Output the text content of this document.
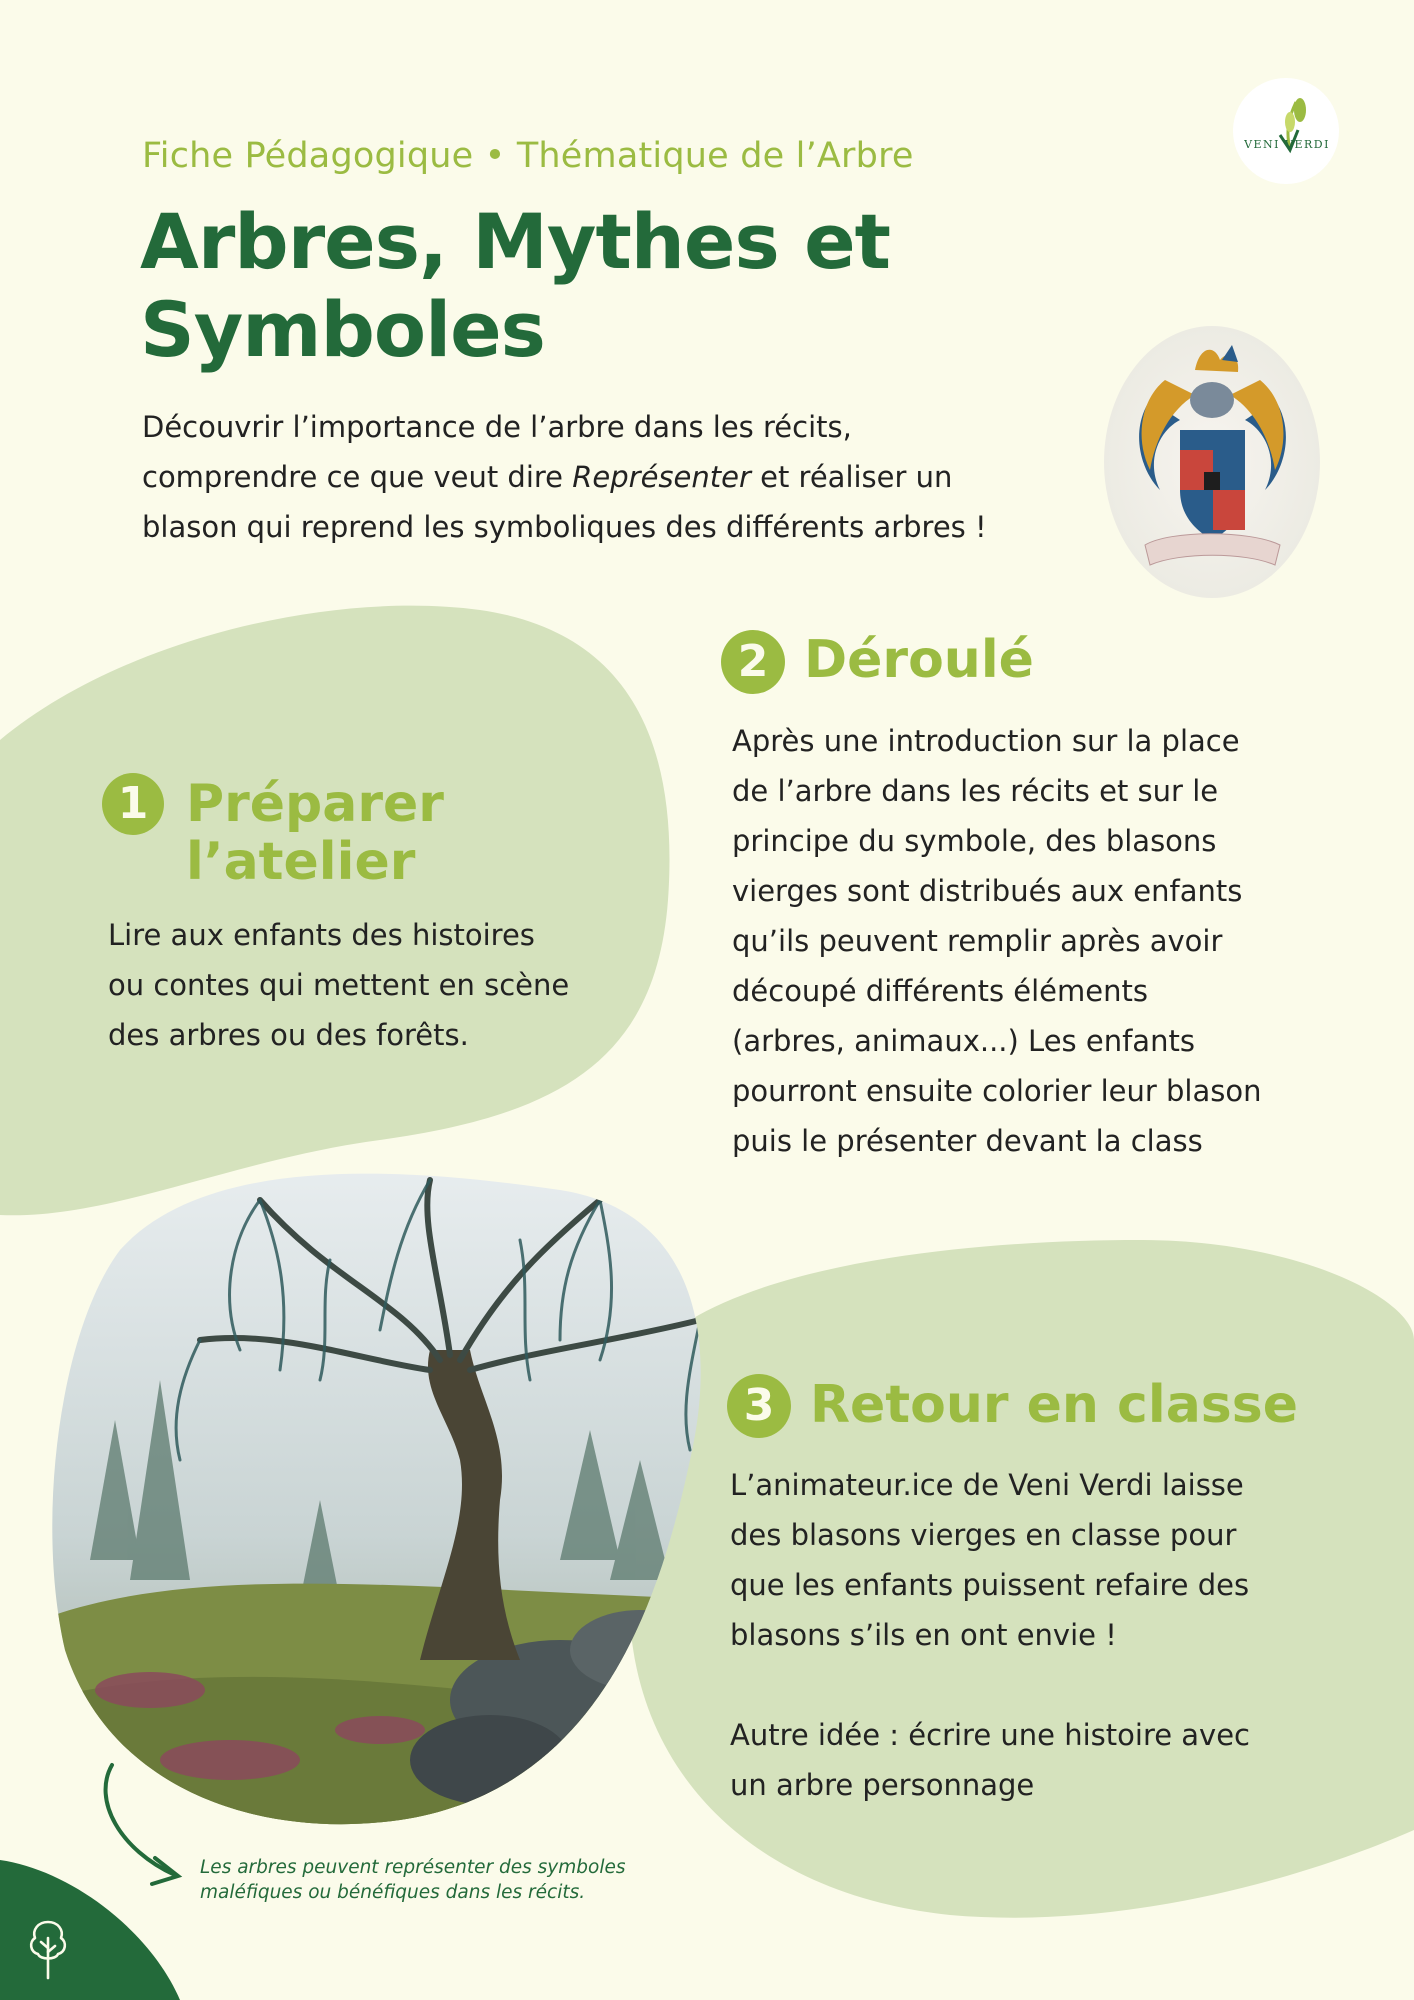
VENI VERDI
Fiche Pédagogique • Thématique de l’Arbre
Arbres, Mythes et
Symboles
Découvrir l’importance de l’arbre dans les récits,
comprendre ce que veut dire Représenter et réaliser un
blason qui reprend les symboliques des différents arbres !
1 Préparer
l’atelier
Lire aux enfants des histoires
ou contes qui mettent en scène
des arbres ou des forêts.
2 Déroulé
Après une introduction sur la place
de l’arbre dans les récits et sur le
principe du symbole, des blasons
vierges sont distribués aux enfants
qu’ils peuvent remplir après avoir
découpé différents éléments
(arbres, animaux...) Les enfants
pourront ensuite colorier leur blason
puis le présenter devant la class
3 Retour en classe
L’animateur.ice de Veni Verdi laisse
des blasons vierges en classe pour
que les enfants puissent refaire des
blasons s’ils en ont envie !
Autre idée : écrire une histoire avec
un arbre personnage
Les arbres peuvent représenter des symboles
maléfiques ou bénéfiques dans les récits.
